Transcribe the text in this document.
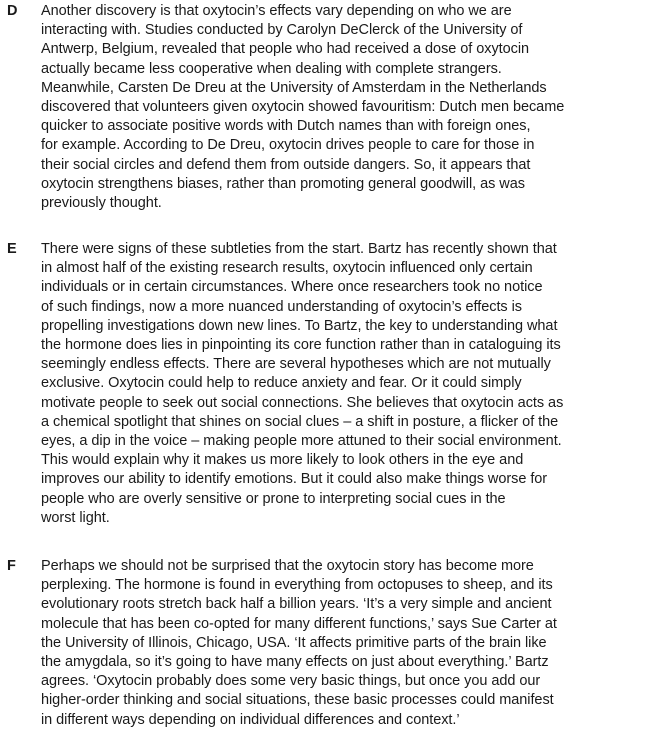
D Another discovery is that oxytocin’s effects vary depending on who we are
interacting with. Studies conducted by Carolyn DeClerck of the University of
Antwerp, Belgium, revealed that people who had received a dose of oxytocin
actually became less cooperative when dealing with complete strangers.
Meanwhile, Carsten De Dreu at the University of Amsterdam in the Netherlands
discovered that volunteers given oxytocin showed favouritism: Dutch men became
quicker to associate positive words with Dutch names than with foreign ones,
for example. According to De Dreu, oxytocin drives people to care for those in
their social circles and defend them from outside dangers. So, it appears that
oxytocin strengthens biases, rather than promoting general goodwill, as was
previously thought.
E There were signs of these subtleties from the start. Bartz has recently shown that
in almost half of the existing research results, oxytocin influenced only certain
individuals or in certain circumstances. Where once researchers took no notice
of such findings, now a more nuanced understanding of oxytocin’s effects is
propelling investigations down new lines. To Bartz, the key to understanding what
the hormone does lies in pinpointing its core function rather than in cataloguing its
seemingly endless effects. There are several hypotheses which are not mutually
exclusive. Oxytocin could help to reduce anxiety and fear. Or it could simply
motivate people to seek out social connections. She believes that oxytocin acts as
a chemical spotlight that shines on social clues – a shift in posture, a flicker of the
eyes, a dip in the voice – making people more attuned to their social environment.
This would explain why it makes us more likely to look others in the eye and
improves our ability to identify emotions. But it could also make things worse for
people who are overly sensitive or prone to interpreting social cues in the
worst light.
F Perhaps we should not be surprised that the oxytocin story has become more
perplexing. The hormone is found in everything from octopuses to sheep, and its
evolutionary roots stretch back half a billion years. ‘It’s a very simple and ancient
molecule that has been co-opted for many different functions,’ says Sue Carter at
the University of Illinois, Chicago, USA. ‘It affects primitive parts of the brain like
the amygdala, so it’s going to have many effects on just about everything.’ Bartz
agrees. ‘Oxytocin probably does some very basic things, but once you add our
higher-order thinking and social situations, these basic processes could manifest
in different ways depending on individual differences and context.’
